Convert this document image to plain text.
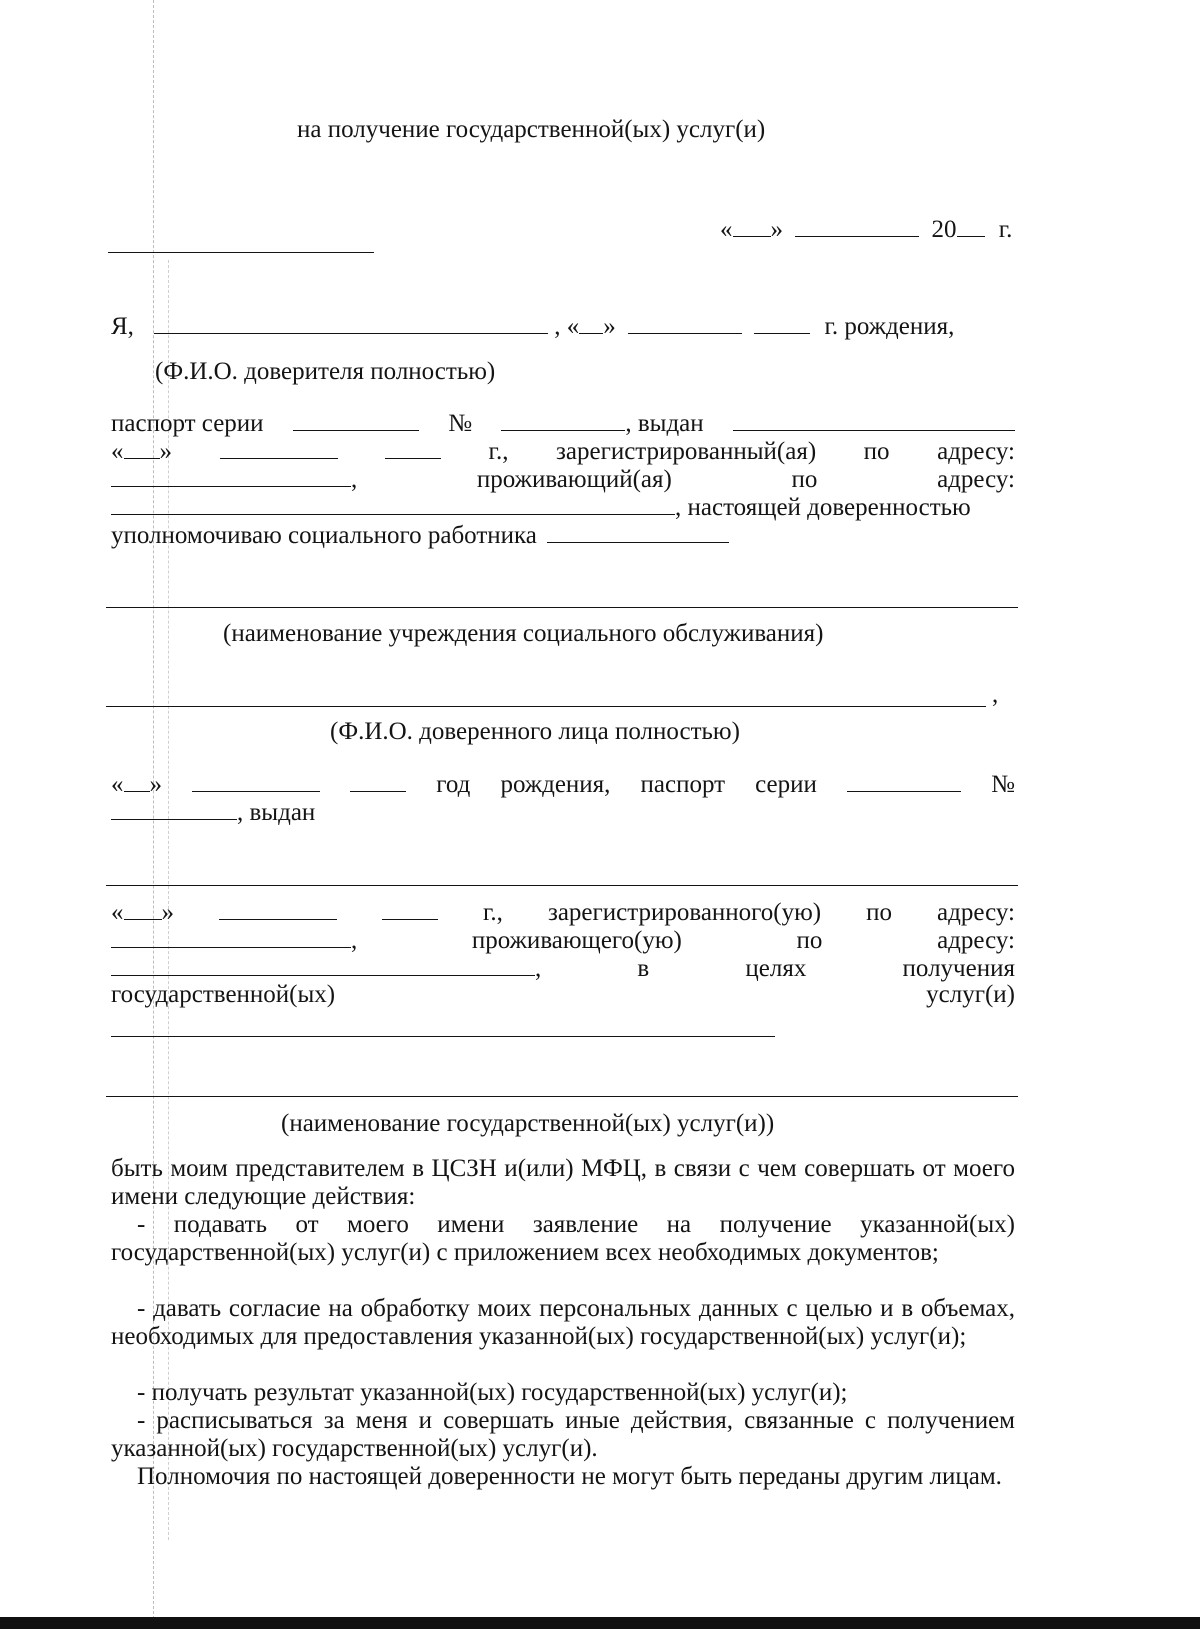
на получение государственной(ых) услуг(и)
« »	20 г.
Я,	, « »	г. рождения,
(Ф.И.О. доверителя полностью)
паспорт серии	№	, выдан
« »	г., зарегистрированный(ая) по адресу:
,	проживающий(ая)	по	адресу:
, настоящей доверенностью
уполномочиваю социального работника
(наименование учреждения социального обслуживания)
,
(Ф.И.О. доверенного лица полностью)
« »	год рождения, паспорт серии	№
, выдан
« »	г., зарегистрированного(ую) по адресу:
,	проживающего(ую)	по	адресу:
,	в	целях	получения
государственной(ых)	услуг(и)
(наименование государственной(ых) услуг(и))
быть моим представителем в ЦСЗН и(или) МФЦ, в связи с чем совершать от моего имени следующие действия:
- подавать от моего имени заявление на получение указанной(ых) государственной(ых) услуг(и) с приложением всех необходимых документов;
- давать согласие на обработку моих персональных данных с целью и в объемах, необходимых для предоставления указанной(ых) государственной(ых) услуг(и);
- получать результат указанной(ых) государственной(ых) услуг(и);
- расписываться за меня и совершать иные действия, связанные с получением указанной(ых) государственной(ых) услуг(и).
Полномочия по настоящей доверенности не могут быть переданы другим лицам.
